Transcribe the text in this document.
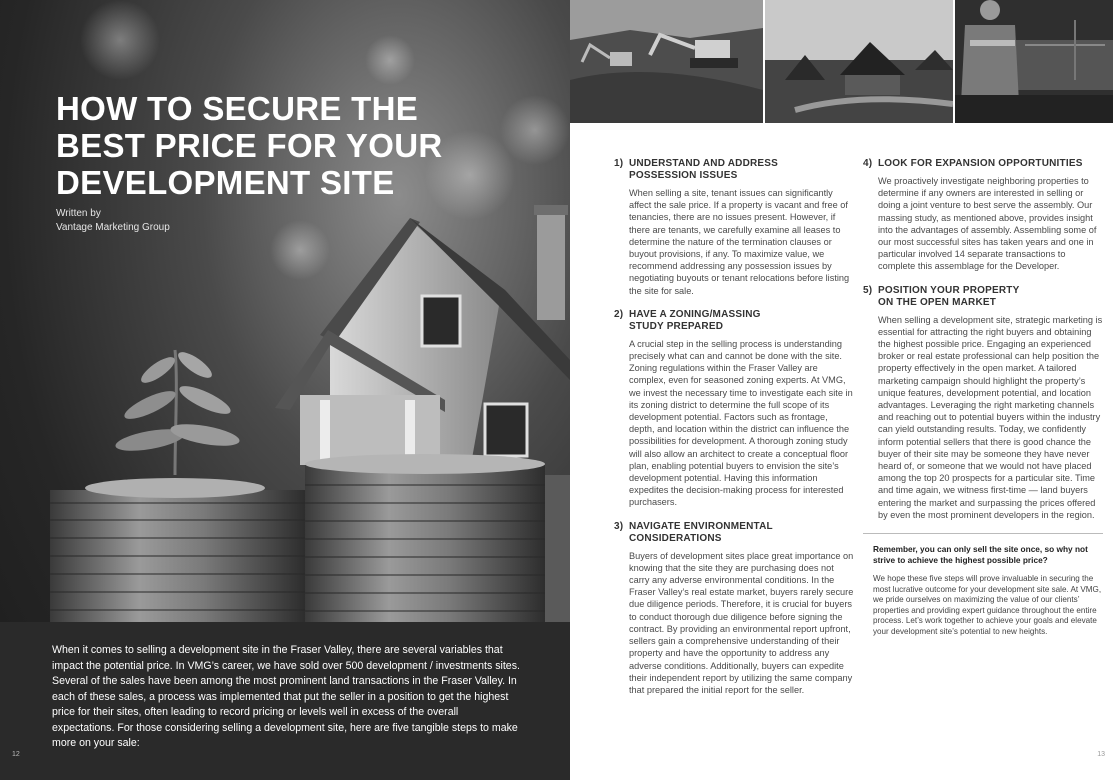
HOW TO SECURE THE
BEST PRICE FOR YOUR
DEVELOPMENT SITE
Written by
Vantage Marketing Group

When it comes to selling a development site in the Fraser Valley, there are several variables that impact the potential price. In VMG’s career, we have sold over 500 development / investments sites. Several of the sales have been among the most prominent land transactions in the Fraser Valley. In each of these sales, a process was implemented that put the seller in a position to get the highest price for their sites, often leading to record pricing or levels well in excess of the overall expectations. For those considering selling a development site, here are five tangible steps to make more on your sale:

12
1) UNDERSTAND AND ADDRESS
POSSESSION ISSUES

When selling a site, tenant issues can significantly affect the sale price. If a property is vacant and free of tenancies, there are no issues present. However, if there are tenants, we carefully examine all leases to determine the nature of the termination clauses or buyout provisions, if any. To maximize value, we recommend addressing any possession issues by negotiating buyouts or tenant relocations before listing the site for sale.

2) HAVE A ZONING/MASSING
STUDY PREPARED

A crucial step in the selling process is understanding precisely what can and cannot be done with the site. Zoning regulations within the Fraser Valley are complex, even for seasoned zoning experts. At VMG, we invest the necessary time to investigate each site in its zoning district to determine the full scope of its development potential. Factors such as frontage, depth, and location within the district can influence the possibilities for development. A thorough zoning study will also allow an architect to create a conceptual floor plan, enabling potential buyers to envision the site’s development potential. Having this information expedites the decision-making process for interested purchasers.

3) NAVIGATE ENVIRONMENTAL
CONSIDERATIONS

Buyers of development sites place great importance on knowing that the site they are purchasing does not carry any adverse environmental conditions. In the Fraser Valley’s real estate market, buyers rarely secure due diligence periods. Therefore, it is crucial for buyers to conduct thorough due diligence before signing the contract. By providing an environmental report upfront, sellers gain a comprehensive understanding of their property and have the opportunity to address any adverse conditions. Additionally, buyers can expedite their independent report by utilizing the same company that prepared the initial report for the seller.

4) LOOK FOR EXPANSION OPPORTUNITIES

We proactively investigate neighboring properties to determine if any owners are interested in selling or doing a joint venture to best serve the assembly. Our massing study, as mentioned above, provides insight into the advantages of assembly. Assembling some of our most successful sites has taken years and one in particular involved 14 separate transactions to complete this assemblage for the Developer.

5) POSITION YOUR PROPERTY
ON THE OPEN MARKET

When selling a development site, strategic marketing is essential for attracting the right buyers and obtaining the highest possible price. Engaging an experienced broker or real estate professional can help position the property effectively in the open market. A tailored marketing campaign should highlight the property’s unique features, development potential, and location advantages. Leveraging the right marketing channels and reaching out to potential buyers within the industry can yield outstanding results. Today, we confidently inform potential sellers that there is good chance the buyer of their site may be someone they have never heard of, or someone that we would not have placed among the top 20 prospects for a particular site. Time and time again, we witness first-time — land buyers entering the market and surpassing the prices offered by even the most prominent developers in the region.

Remember, you can only sell the site once, so why not strive to achieve the highest possible price?

We hope these five steps will prove invaluable in securing the most lucrative outcome for your development site sale. At VMG, we pride ourselves on maximizing the value of our clients’ properties and providing expert guidance throughout the entire process. Let’s work together to achieve your goals and elevate your development site’s potential to new heights.

13
